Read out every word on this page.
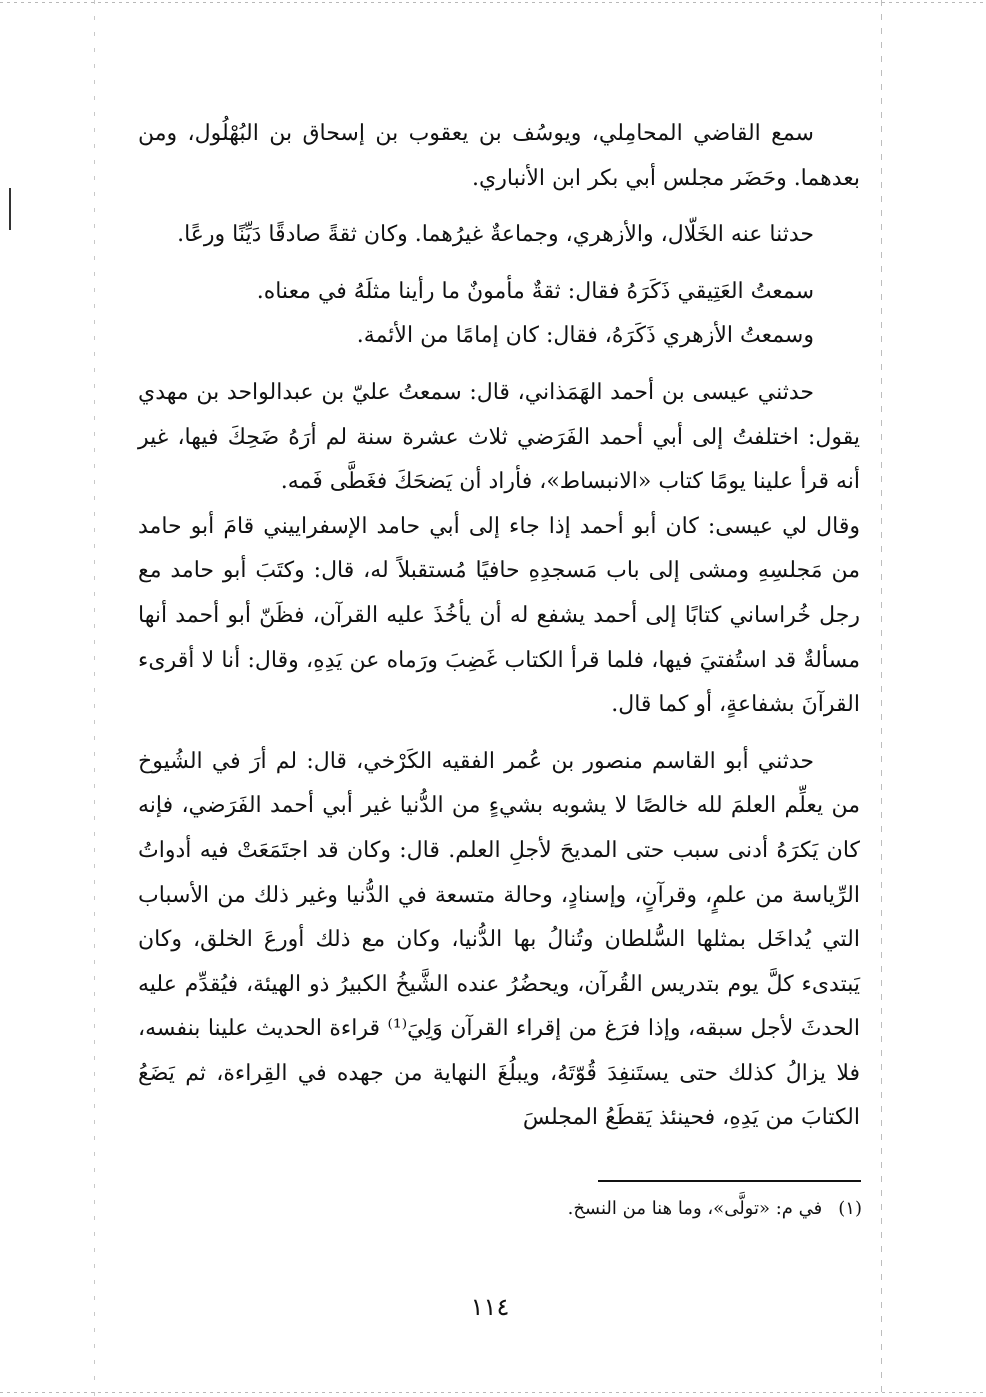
سمع القاضي المحامِلي، ويوسُف بن يعقوب بن إسحاق بن البُهْلُول، ومن بعدهما. وحَضَر مجلس أبي بكر ابن الأنباري.

حدثنا عنه الخَلّال، والأزهري، وجماعةٌ غيرُهما. وكان ثقةً صادقًا دَيِّنًا ورعًا.

سمعتُ العَتِيقي ذَكَرَهُ فقال: ثقةٌ مأمونٌ ما رأينا مثلَهُ في معناه.

وسمعتُ الأزهري ذَكَرَهُ، فقال: كان إمامًا من الأئمة.

حدثني عيسى بن أحمد الهَمَذاني، قال: سمعتُ عليّ بن عبدالواحد بن مهدي يقول: اختلفتُ إلى أبي أحمد الفَرَضي ثلاث عشرة سنة لم أرَهُ ضَحِكَ فيها، غير أنه قرأ علينا يومًا كتاب «الانبساط»، فأراد أن يَضحَكَ فغَطَّى فَمه.

وقال لي عيسى: كان أبو أحمد إذا جاء إلى أبي حامد الإسفراييني قامَ أبو حامد من مَجلسِهِ ومشى إلى باب مَسجدِهِ حافيًا مُستقبلاً له، قال: وكتَبَ أبو حامد مع رجل خُراساني كتابًا إلى أحمد يشفع له أن يأخُذَ عليه القرآن، فظَنّ أبو أحمد أنها مسألةٌ قد استُفتيَ فيها، فلما قرأ الكتاب غَضِبَ ورَماه عن يَدِهِ، وقال: أنا لا أقرىء القرآنَ بشفاعةٍ، أو كما قال.

حدثني أبو القاسم منصور بن عُمر الفقيه الكَرْخي، قال: لم أرَ في الشُيوخ من يعلِّم العلمَ لله خالصًا لا يشوبه بشيءٍ من الدُّنيا غير أبي أحمد الفَرَضي، فإنه كان يَكرَهُ أدنى سبب حتى المديحَ لأجلِ العلم. قال: وكان قد اجتَمَعَتْ فيه أدواتُ الرِّياسة من علمٍ، وقرآنٍ، وإسنادٍ، وحالة متسعة في الدُّنيا وغير ذلك من الأسباب التي يُداخَل بمثلها السُّلطان وتُنالُ بها الدُّنيا، وكان مع ذلك أورعَ الخلق، وكان يَبتدىء كلَّ يوم بتدريس القُرآن، ويحضُرُ عنده الشَّيخُ الكبيرُ ذو الهيئة، فيُقدِّم عليه الحدثَ لأجل سبقه، وإذا فرَغ من إقراء القرآن وَلِيَ⁽¹⁾ قراءة الحديث علينا بنفسه، فلا يزالُ كذلك حتى يستَنفِدَ قُوّتَهُ، ويبلُغَ النهاية من جهده في القِراءة، ثم يَضَعُ الكتابَ من يَدِهِ، فحينئذ يَقطَعُ المجلسَ

(١)في م: «تولَّى»، وما هنا من النسخ.
١١٤
